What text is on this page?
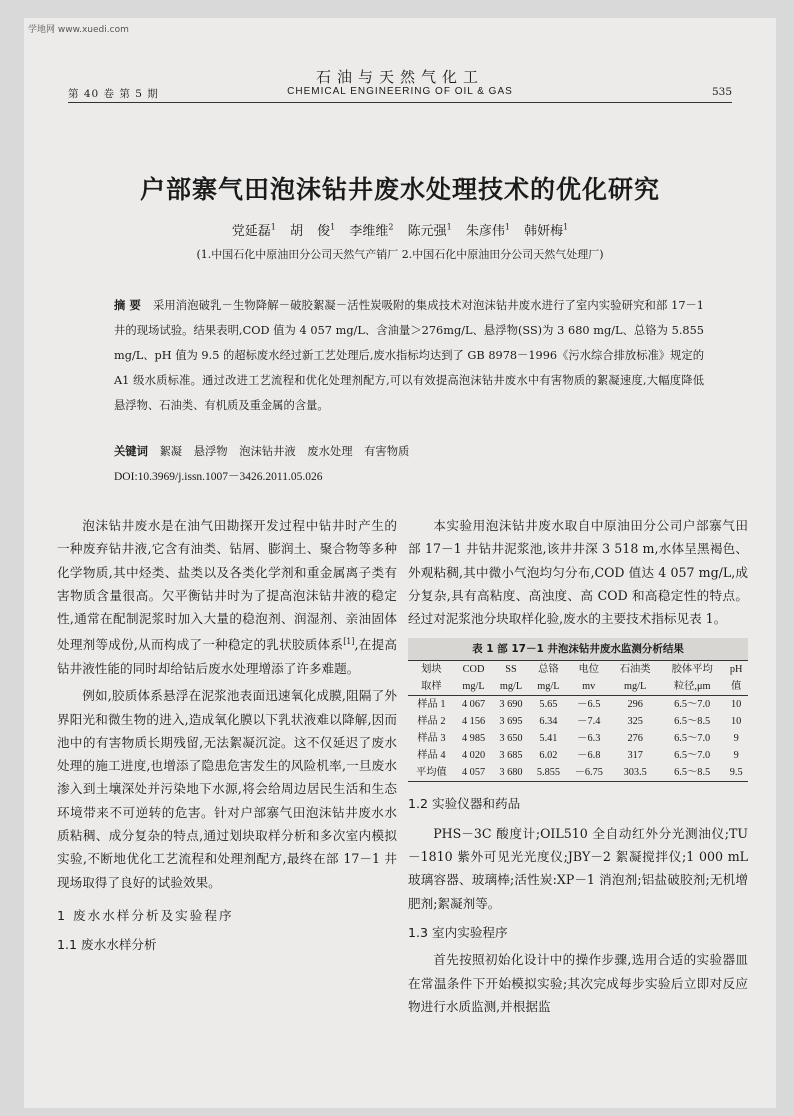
学地网 www.xuedi.com
石油与天然气化工
CHEMICAL ENGINEERING OF OIL & GAS
第 40 卷 第 5 期	535
户部寨气田泡沫钻井废水处理技术的优化研究
党延磊$^1$ 胡 俊$^1$ 李维维$^2$ 陈元强$^1$ 朱彦伟$^1$ 韩妍梅$^1$
(1.中国石化中原油田分公司天然气产销厂 2.中国石化中原油田分公司天然气处理厂)
摘 要 采用消泡破乳－生物降解－破胶絮凝－活性炭吸附的集成技术对泡沫钻井废水进行了室内实验研究和部 17－1 井的现场试验。结果表明,COD 值为 4 057 mg/L、含油量＞276mg/L、悬浮物(SS)为 3 680 mg/L、总铬为 5.855 mg/L、pH 值为 9.5 的超标废水经过新工艺处理后,废水指标均达到了 GB 8978－1996《污水综合排放标准》规定的 A1 级水质标准。通过改进工艺流程和优化处理剂配方,可以有效提高泡沫钻井废水中有害物质的絮凝速度,大幅度降低悬浮物、石油类、有机质及重金属的含量。
关键词 絮凝 悬浮物 泡沫钻井液 废水处理 有害物质
DOI:10.3969/j.issn.1007－3426.2011.05.026

泡沫钻井废水是在油气田勘探开发过程中钻井时产生的一种废弃钻井液,它含有油类、钻屑、膨润土、聚合物等多种化学物质,其中烃类、盐类以及各类化学剂和重金属离子类有害物质含量很高。欠平衡钻井时为了提高泡沫钻井液的稳定性,通常在配制泥浆时加入大量的稳泡剂、润湿剂、亲油固体处理剂等成份,从而构成了一种稳定的乳状胶质体系[1],在提高钻井液性能的同时却给钻后废水处理增添了许多难题。

例如,胶质体系悬浮在泥浆池表面迅速氧化成膜,阻隔了外界阳光和微生物的进入,造成氧化膜以下乳状液难以降解,因而池中的有害物质长期残留,无法絮凝沉淀。这不仅延迟了废水处理的施工进度,也增添了隐患危害发生的风险机率,一旦废水渗入到土壤深处并污染地下水源,将会给周边居民生活和生态环境带来不可逆转的危害。针对户部寨气田泡沫钻井废水水质粘稠、成分复杂的特点,通过划块取样分析和多次室内模拟实验,不断地优化工艺流程和处理剂配方,最终在部 17－1 井现场取得了良好的试验效果。

1 废水水样分析及实验程序
1.1 废水水样分析

本实验用泡沫钻井废水取自中原油田分公司户部寨气田部 17－1 井钻井泥浆池,该井井深 3 518 m,水体呈黑褐色、外观粘稠,其中微小气泡均匀分布,COD 值达 4 057 mg/L,成分复杂,具有高粘度、高浊度、高 COD 和高稳定性的特点。经过对泥浆池分块取样化验,废水的主要技术指标见表 1。

表 1 部 17－1 井泡沫钻井废水监测分析结果
划块	COD	SS	总铬	电位	石油类	胶体平均	pH
取样	mg/L	mg/L	mg/L	mv	mg/L	粒径,μm	值
样品 1	4 067	3 690	5.65	－6.5	296	6.5～7.0	10
样品 2	4 156	3 695	6.34	－7.4	325	6.5～8.5	10
样品 3	4 985	3 650	5.41	－6.3	276	6.5～7.0	9
样品 4	4 020	3 685	6.02	－6.8	317	6.5～7.0	9
平均值	4 057	3 680	5.855	－6.75	303.5	6.5～8.5	9.5
1.2 实验仪器和药品

PHS－3C 酸度计;OIL510 全自动红外分光测油仪;TU－1810 紫外可见光光度仪;JBY－2 絮凝搅拌仪;1 000 mL 玻璃容器、玻璃棒;活性炭:XP－1 消泡剂;铝盐破胶剂;无机增肥剂;絮凝剂等。

1.3 室内实验程序

首先按照初始化设计中的操作步骤,选用合适的实验器皿在常温条件下开始模拟实验;其次完成每步实验后立即对反应物进行水质监测,并根据监
